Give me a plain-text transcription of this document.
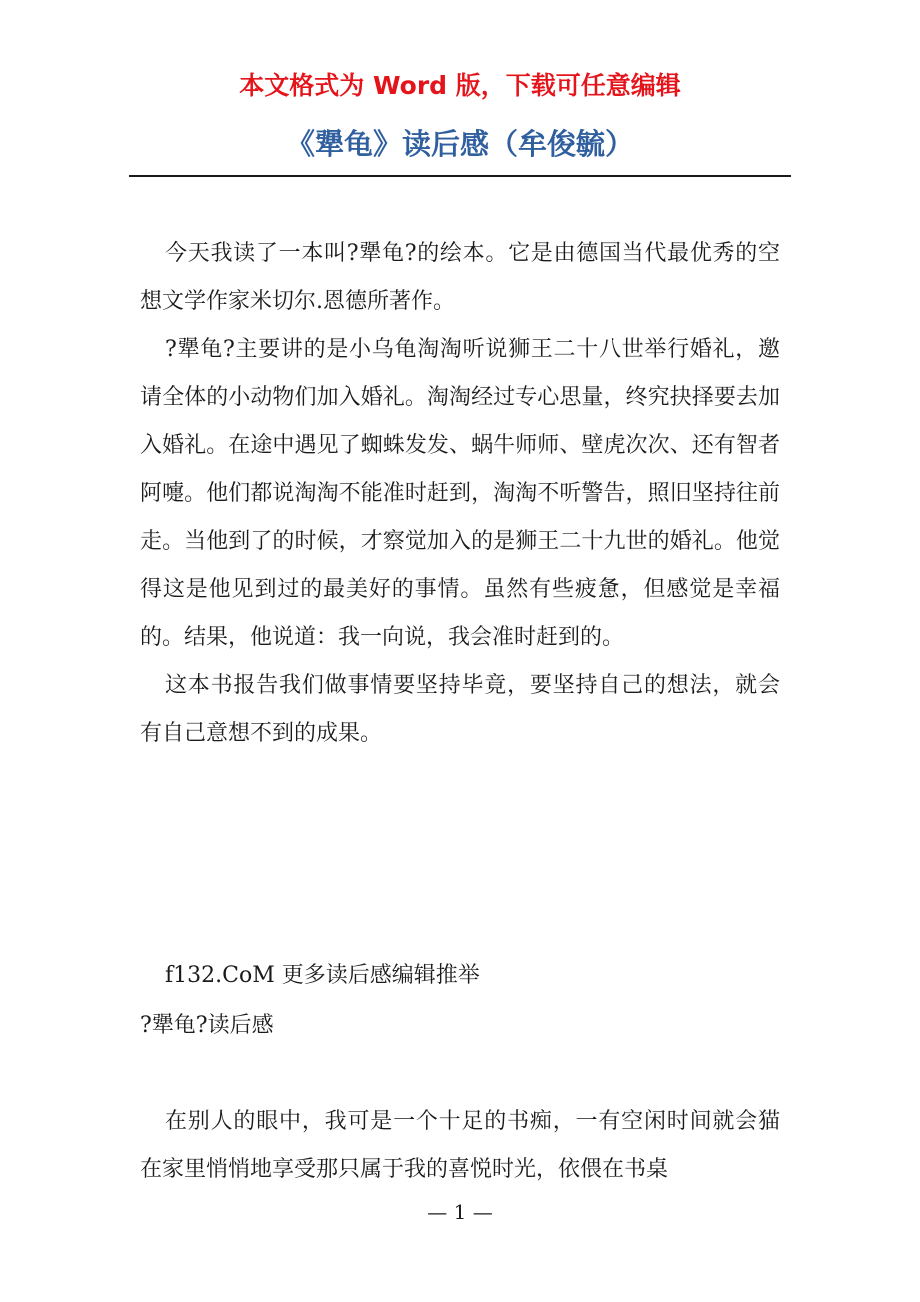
本文格式为 Word 版，下载可任意编辑

《犟龟》读后感（牟俊毓）

今天我读了一本叫?犟龟?的绘本。它是由德国当代最优秀的空想文学作家米切尔.恩德所著作。

?犟龟?主要讲的是小乌龟淘淘听说狮王二十八世举行婚礼，邀请全体的小动物们加入婚礼。淘淘经过专心思量，终究抉择要去加入婚礼。在途中遇见了蜘蛛发发、蜗牛师师、壁虎次次、还有智者阿嚏。他们都说淘淘不能准时赶到，淘淘不听警告，照旧坚持往前走。当他到了的时候，才察觉加入的是狮王二十九世的婚礼。他觉得这是他见到过的最美好的事情。虽然有些疲惫，但感觉是幸福的。结果，他说道：我一向说，我会准时赶到的。

这本书报告我们做事情要坚持毕竟，要坚持自己的想法，就会有自己意想不到的成果。

f132.CoM 更多读后感编辑推举

?犟龟?读后感

在别人的眼中，我可是一个十足的书痴，一有空闲时间就会猫在家里悄悄地享受那只属于我的喜悦时光，依偎在书桌

— 1 —
